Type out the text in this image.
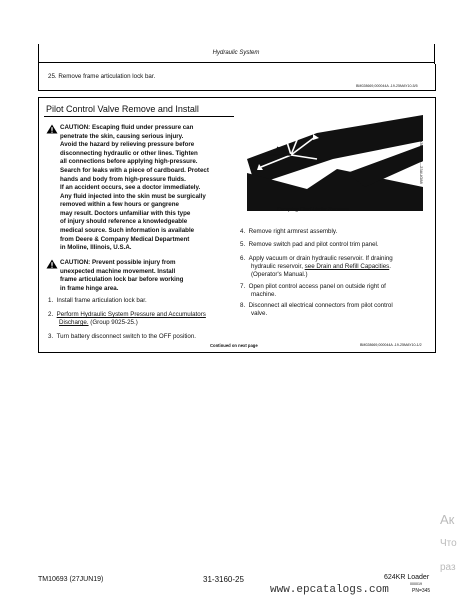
Hydraulic System
25. Remove frame articulation lock bar.
BM028669,000044A -19-25MAY10-5/5
Pilot Control Valve Remove and Install
CAUTION: Escaping fluid under pressure can
penetrate the skin, causing serious injury.
Avoid the hazard by relieving pressure before
disconnecting hydraulic or other lines. Tighten
all connections before applying high-pressure.
Search for leaks with a piece of cardboard. Protect
hands and body from high-pressure fluids.
If an accident occurs, see a doctor immediately.
Any fluid injected into the skin must be surgically
removed within a few hours or gangrene
may result. Doctors unfamiliar with this type
of injury should reference a knowledgeable
medical source. Such information is available
from Deere & Company Medical Department
in Moline, Illinois, U.S.A.
CAUTION: Prevent possible injury from
unexpected machine movement. Install
frame articulation lock bar before working
in frame hinge area.
1. Install frame articulation lock bar.
2. Perform Hydraulic System Pressure and Accumulators
Discharge. (Group 9025-25.)
3. Turn battery disconnect switch to the OFF position.
Escaping Fluid Under Pressure
X9811 —UN—23AUG88
4. Remove right armrest assembly.
5. Remove switch pad and pilot control trim panel.
6. Apply vacuum or drain hydraulic reservoir. If draining
hydraulic reservoir, see Drain and Refill Capacities.
(Operator's Manual.)
7. Open pilot control access panel on outside right of
machine.
8. Disconnect all electrical connectors from pilot control
valve.
Continued on next page	BM028669,000044A -19-25MAY10-1/2
Ак
Что
раз
TM10693 (27JUN19)	31-3160-25	624KR Loader
000019
PN=345
www.epcatalogs.com
